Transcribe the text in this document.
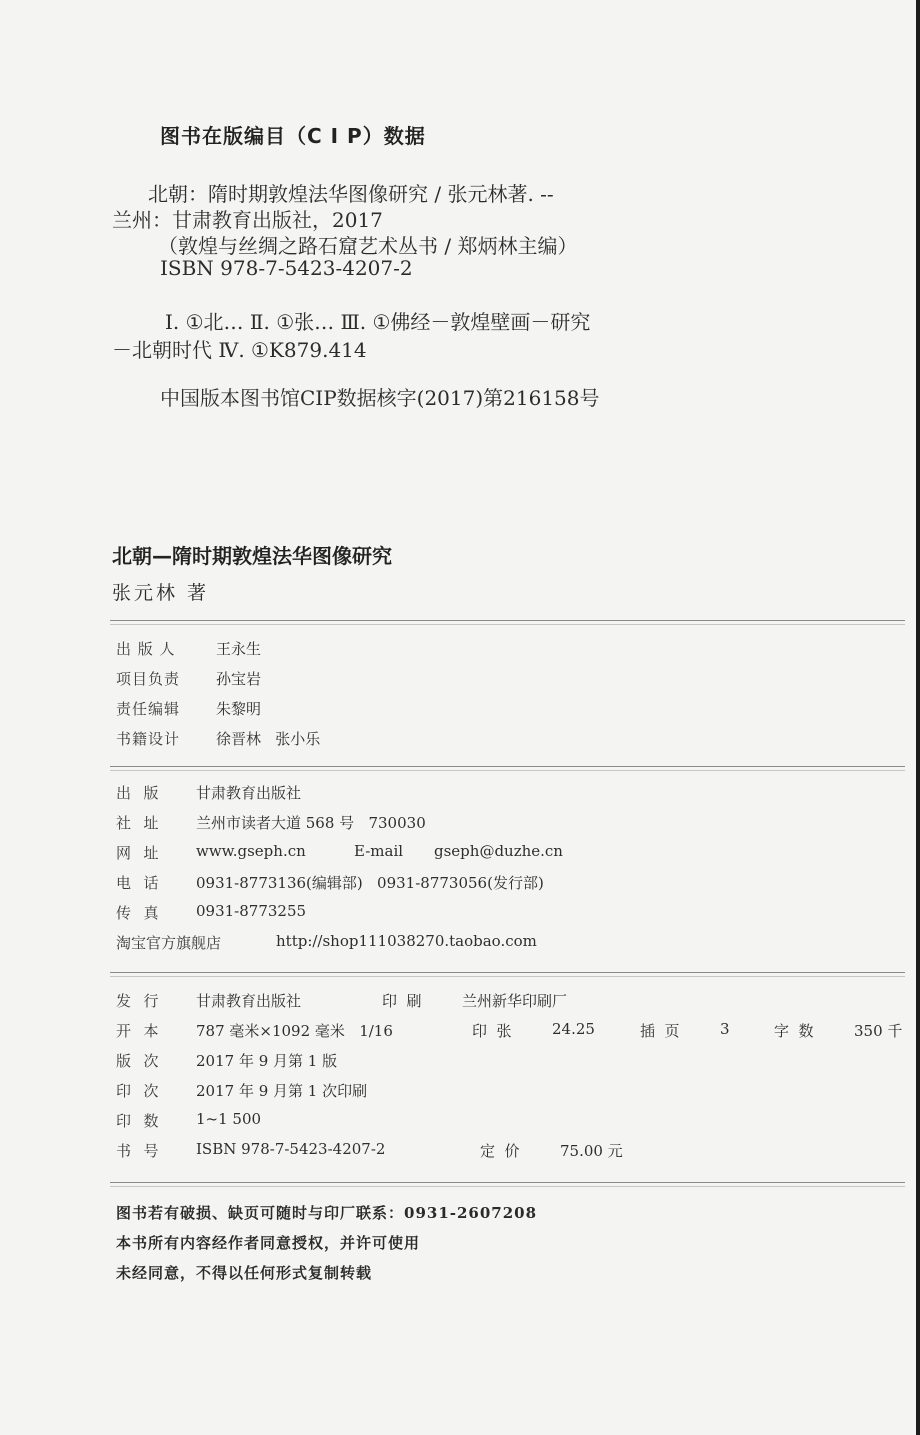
图书在版编目（C I P）数据
北朝：隋时期敦煌法华图像研究 / 张元林著. --
兰州：甘肃教育出版社，2017
（敦煌与丝绸之路石窟艺术丛书 / 郑炳林主编）
ISBN 978-7-5423-4207-2
Ⅰ. ①北… Ⅱ. ①张… Ⅲ. ①佛经－敦煌壁画－研究
－北朝时代 Ⅳ. ①K879.414
中国版本图书馆CIP数据核字(2017)第216158号
北朝—隋时期敦煌法华图像研究
张元林 著
出 版 人	王永生
项目负责 孙宝岩
责任编辑 朱黎明
书籍设计 徐晋林   张小乐
出  版 甘肃教育出版社
社  址 兰州市读者大道 568 号   730030
网  址 www.gseph.cn	E-mail gseph@duzhe.cn
电  话 0931-8773136(编辑部)   0931-8773056(发行部)
传  真 0931-8773255
淘宝官方旗舰店	http://shop111038270.taobao.com
发  行 甘肃教育出版社	印  刷	兰州新华印刷厂
开  本 787 毫米×1092 毫米   1/16	印  张	24.25	插  页	3	字  数	350 千
版  次 2017 年 9 月第 1 版
印  次 2017 年 9 月第 1 次印刷
印  数 1~1 500
书  号 ISBN 978-7-5423-4207-2	定  价	75.00 元
图书若有破损、缺页可随时与印厂联系：0931-2607208
本书所有内容经作者同意授权，并许可使用
未经同意，不得以任何形式复制转载
